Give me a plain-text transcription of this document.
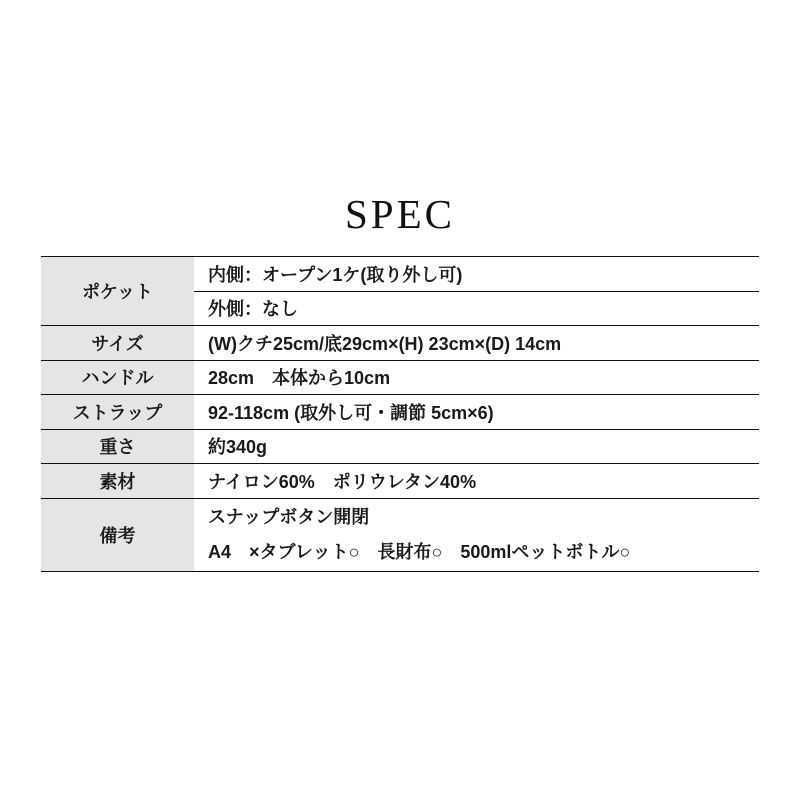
SPEC
ポケット	内側：オープン1ケ(取り外し可)
	外側：なし
サイズ	(W)クチ25cm/底29cm×(H) 23cm×(D) 14cm
ハンドル	28cm　本体から10cm
ストラップ	92-118cm (取外し可・調節 5cm×6)
重さ	約340g
素材	ナイロン60%　ポリウレタン40%
備考	スナップボタン開閉
A4　×タブレット○　長財布○　500mlペットボトル○
